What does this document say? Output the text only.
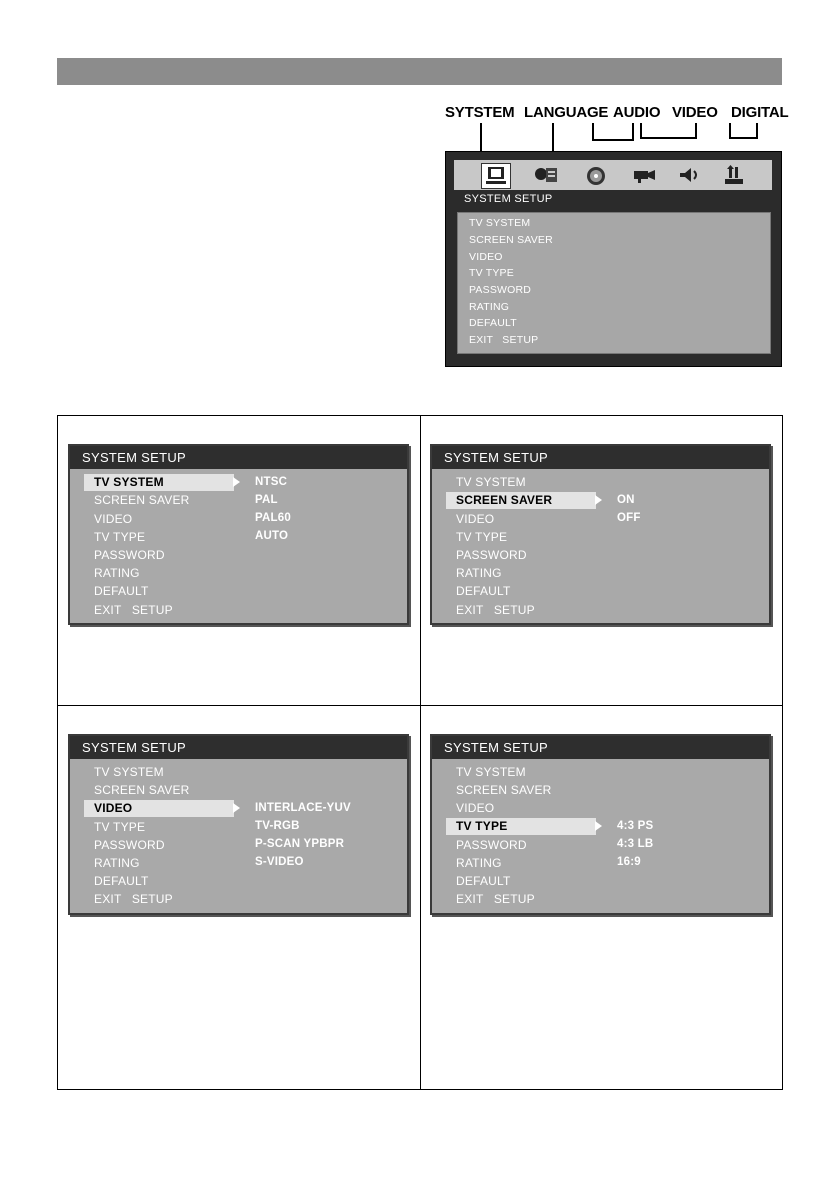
SYTSTEM LANGUAGE AUDIO VIDEO DIGITAL
SYSTEM SETUP
TV SYSTEM
SCREEN SAVER
VIDEO
TV TYPE
PASSWORD
RATING
DEFAULT
EXIT   SETUP
SYSTEM SETUP
TV SYSTEM
SCREEN SAVER
VIDEO
TV TYPE
PASSWORD
RATING
DEFAULT
EXIT   SETUP
NTSC
PAL
PAL60
AUTO
SYSTEM SETUP
TV SYSTEM
SCREEN SAVER
VIDEO
TV TYPE
PASSWORD
RATING
DEFAULT
EXIT   SETUP
ON
OFF
SYSTEM SETUP
TV SYSTEM
SCREEN SAVER
VIDEO
TV TYPE
PASSWORD
RATING
DEFAULT
EXIT   SETUP
INTERLACE-YUV
TV-RGB
P-SCAN YPBPR
S-VIDEO
SYSTEM SETUP
TV SYSTEM
SCREEN SAVER
VIDEO
TV TYPE
PASSWORD
RATING
DEFAULT
EXIT   SETUP
4:3 PS
4:3 LB
16:9
